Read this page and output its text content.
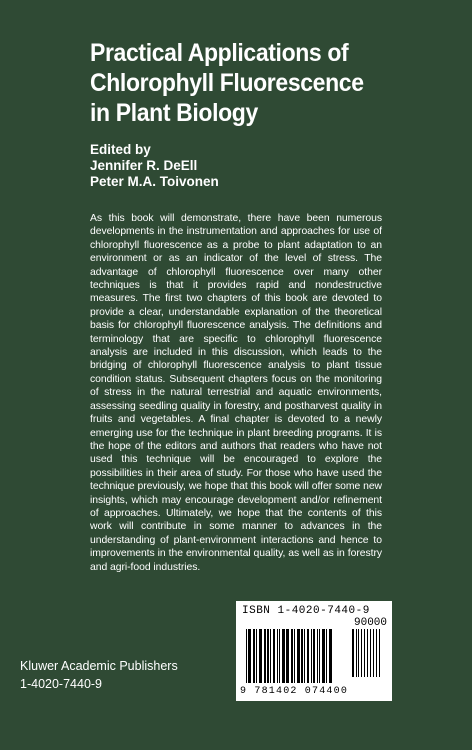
Practical Applications of
Chlorophyll Fluorescence
in Plant Biology
Edited by
Jennifer R. DeEll
Peter M.A. Toivonen

As this book will demonstrate, there have been numerous developments in the instrumentation and approaches for use of chlorophyll fluorescence as a probe to plant adaptation to an environment or as an indicator of the level of stress. The advantage of chlorophyll fluorescence over many other techniques is that it provides rapid and nondestructive measures. The first two chapters of this book are devoted to provide a clear, understandable explanation of the theoretical basis for chlorophyll fluorescence analysis. The definitions and terminology that are specific to chlorophyll fluorescence analysis are included in this discussion, which leads to the bridging of chlorophyll fluorescence analysis to plant tissue condition status. Subsequent chapters focus on the monitoring of stress in the natural terrestrial and aquatic environments, assessing seedling quality in forestry, and postharvest quality in fruits and vegetables. A final chapter is devoted to a newly emerging use for the technique in plant breeding programs. It is the hope of the editors and authors that readers who have not used this technique will be encouraged to explore the possibilities in their area of study. For those who have used the technique previously, we hope that this book will offer some new insights, which may encourage development and/or refinement of approaches. Ultimately, we hope that the contents of this work will contribute in some manner to advances in the understanding of plant-environment interactions and hence to improvements in the environmental quality, as well as in forestry and agri-food industries.

ISBN 1-4020-7440-9
90000
9 781402 074400
Kluwer Academic Publishers
1-4020-7440-9
